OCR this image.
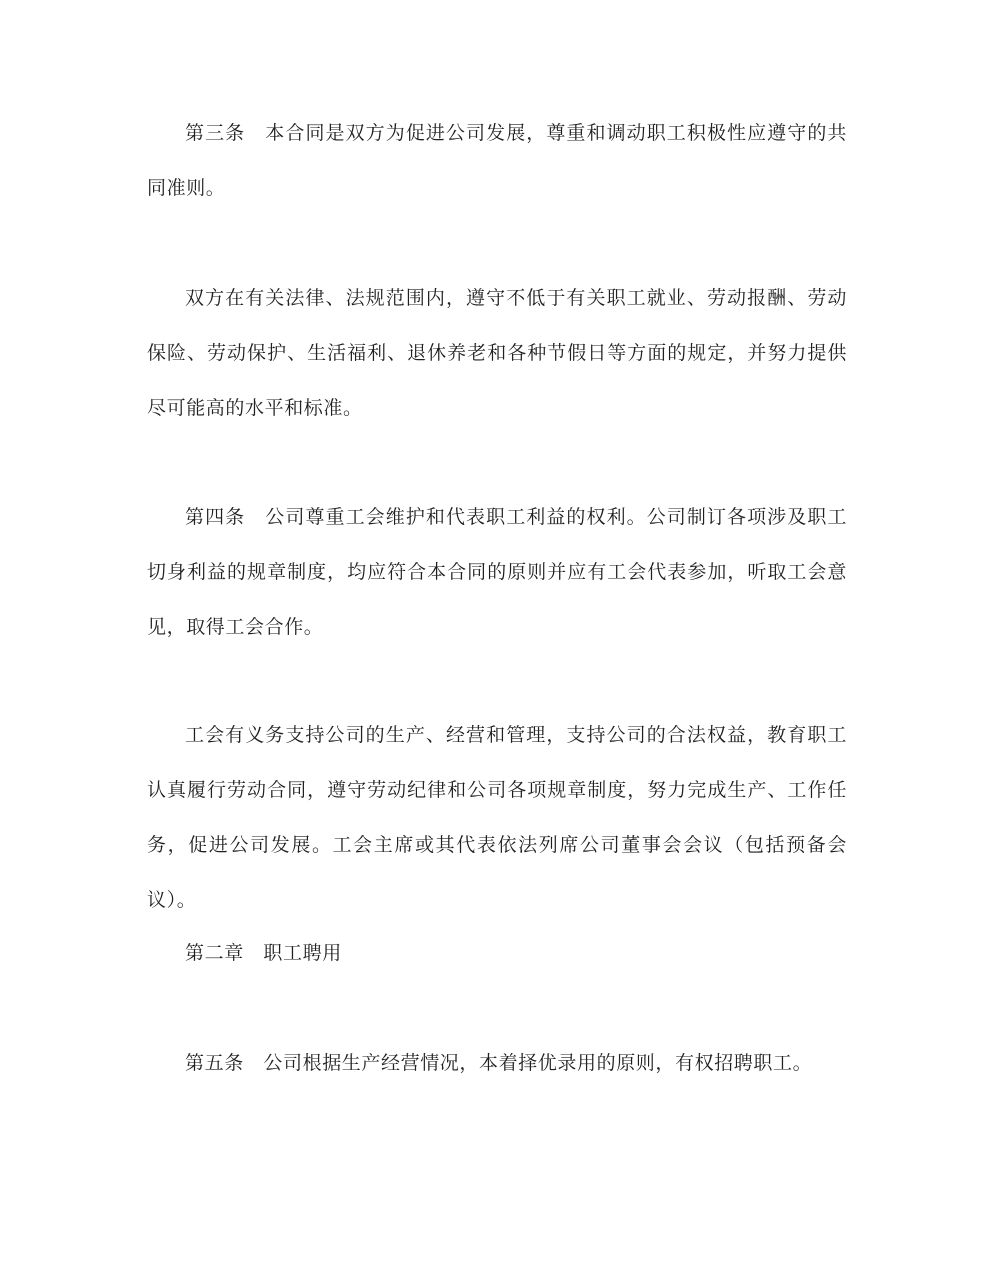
第三条　本合同是双方为促进公司发展，尊重和调动职工积极性应遵守的共同准则。

双方在有关法律、法规范围内，遵守不低于有关职工就业、劳动报酬、劳动保险、劳动保护、生活福利、退休养老和各种节假日等方面的规定，并努力提供尽可能高的水平和标准。

第四条　公司尊重工会维护和代表职工利益的权利。公司制订各项涉及职工切身利益的规章制度，均应符合本合同的原则并应有工会代表参加，听取工会意见，取得工会合作。

工会有义务支持公司的生产、经营和管理，支持公司的合法权益，教育职工认真履行劳动合同，遵守劳动纪律和公司各项规章制度，努力完成生产、工作任务，促进公司发展。工会主席或其代表依法列席公司董事会会议（包括预备会议）。

第二章　职工聘用

第五条　公司根据生产经营情况，本着择优录用的原则，有权招聘职工。
